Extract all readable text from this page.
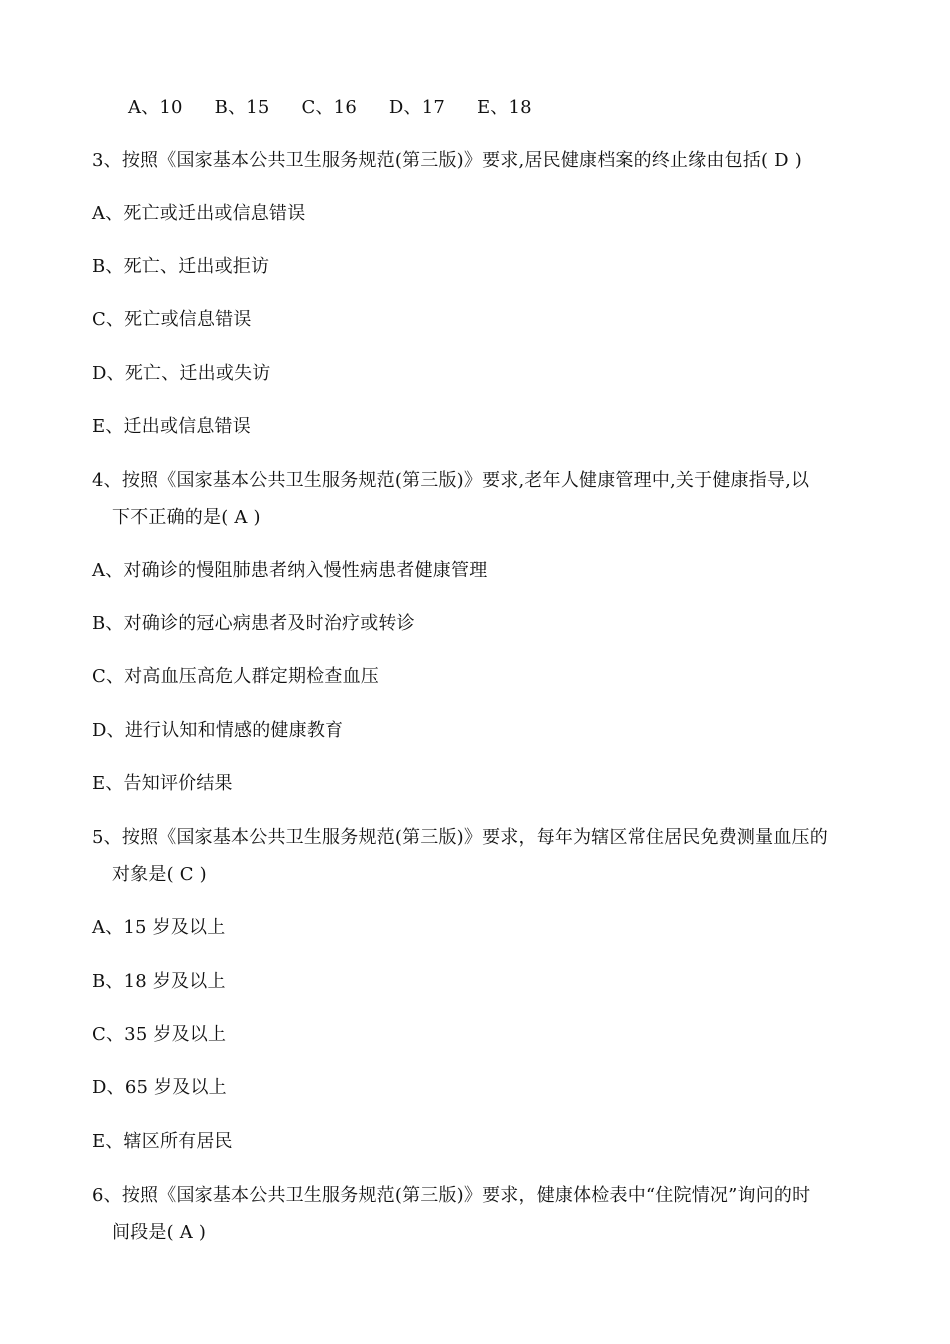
A、10 B、15 C、16 D、17 E、18
3、按照《国家基本公共卫生服务规范(第三版)》要求,居民健康档案的终止缘由包括( D )
A、死亡或迁出或信息错误
B、死亡、迁出或拒访
C、死亡或信息错误
D、死亡、迁出或失访
E、迁出或信息错误
4、按照《国家基本公共卫生服务规范(第三版)》要求,老年人健康管理中,关于健康指导,以
下不正确的是( A )
A、对确诊的慢阻肺患者纳入慢性病患者健康管理
B、对确诊的冠心病患者及时治疗或转诊
C、对高血压高危人群定期检查血压
D、进行认知和情感的健康教育
E、告知评价结果
5、按照《国家基本公共卫生服务规范(第三版)》要求，每年为辖区常住居民免费测量血压的
对象是( C )
A、15 岁及以上
B、18 岁及以上
C、35 岁及以上
D、65 岁及以上
E、辖区所有居民
6、按照《国家基本公共卫生服务规范(第三版)》要求，健康体检表中“住院情况”询问的时
间段是( A )
